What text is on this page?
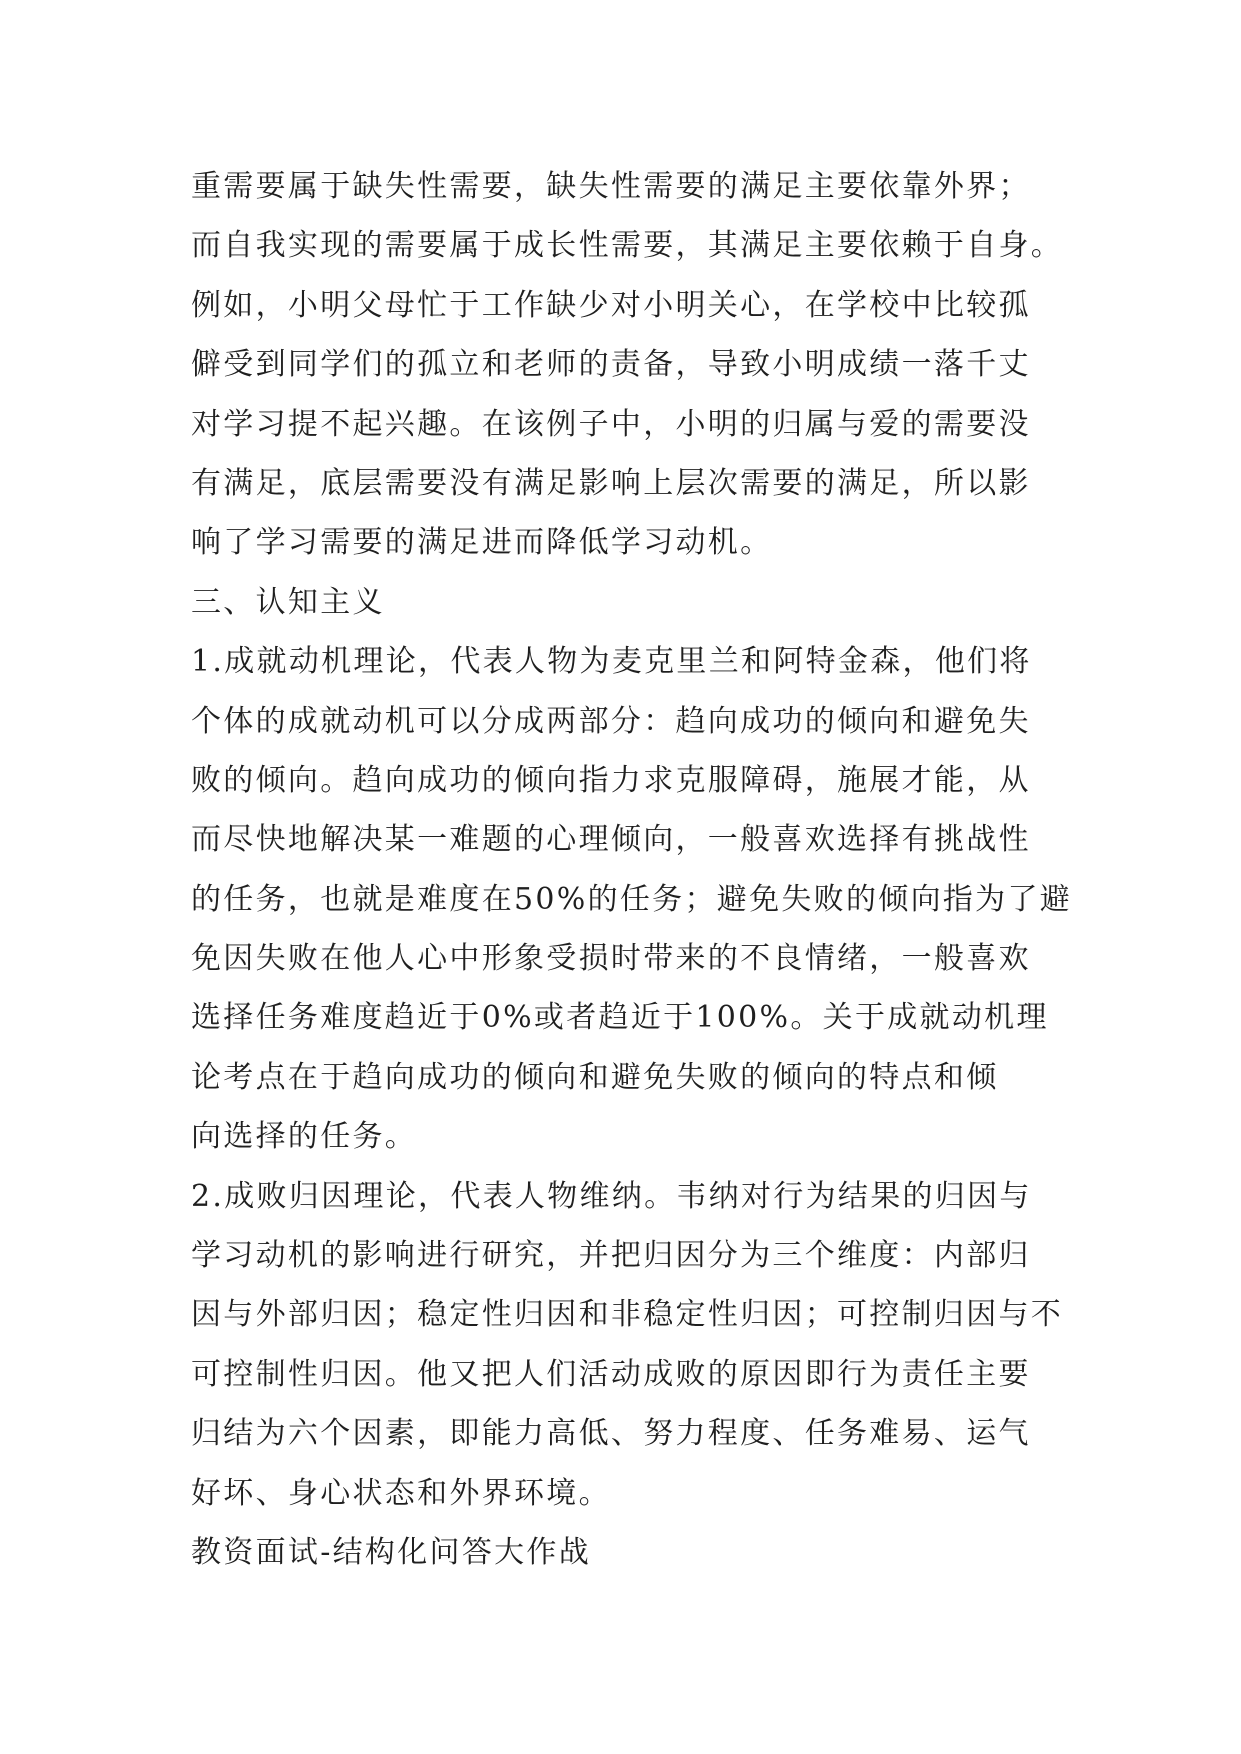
重需要属于缺失性需要，缺失性需要的满足主要依靠外界；
而自我实现的需要属于成长性需要，其满足主要依赖于自身。
例如，小明父母忙于工作缺少对小明关心，在学校中比较孤
僻受到同学们的孤立和老师的责备，导致小明成绩一落千丈
对学习提不起兴趣。在该例子中，小明的归属与爱的需要没
有满足，底层需要没有满足影响上层次需要的满足，所以影
响了学习需要的满足进而降低学习动机。
三、认知主义
1.成就动机理论，代表人物为麦克里兰和阿特金森，他们将
个体的成就动机可以分成两部分：趋向成功的倾向和避免失
败的倾向。趋向成功的倾向指力求克服障碍，施展才能，从
而尽快地解决某一难题的心理倾向，一般喜欢选择有挑战性
的任务，也就是难度在50%的任务；避免失败的倾向指为了避
免因失败在他人心中形象受损时带来的不良情绪，一般喜欢
选择任务难度趋近于0%或者趋近于100%。关于成就动机理
论考点在于趋向成功的倾向和避免失败的倾向的特点和倾
向选择的任务。
2.成败归因理论，代表人物维纳。韦纳对行为结果的归因与
学习动机的影响进行研究，并把归因分为三个维度：内部归
因与外部归因；稳定性归因和非稳定性归因；可控制归因与不
可控制性归因。他又把人们活动成败的原因即行为责任主要
归结为六个因素，即能力高低、努力程度、任务难易、运气
好坏、身心状态和外界环境。
教资面试-结构化问答大作战
